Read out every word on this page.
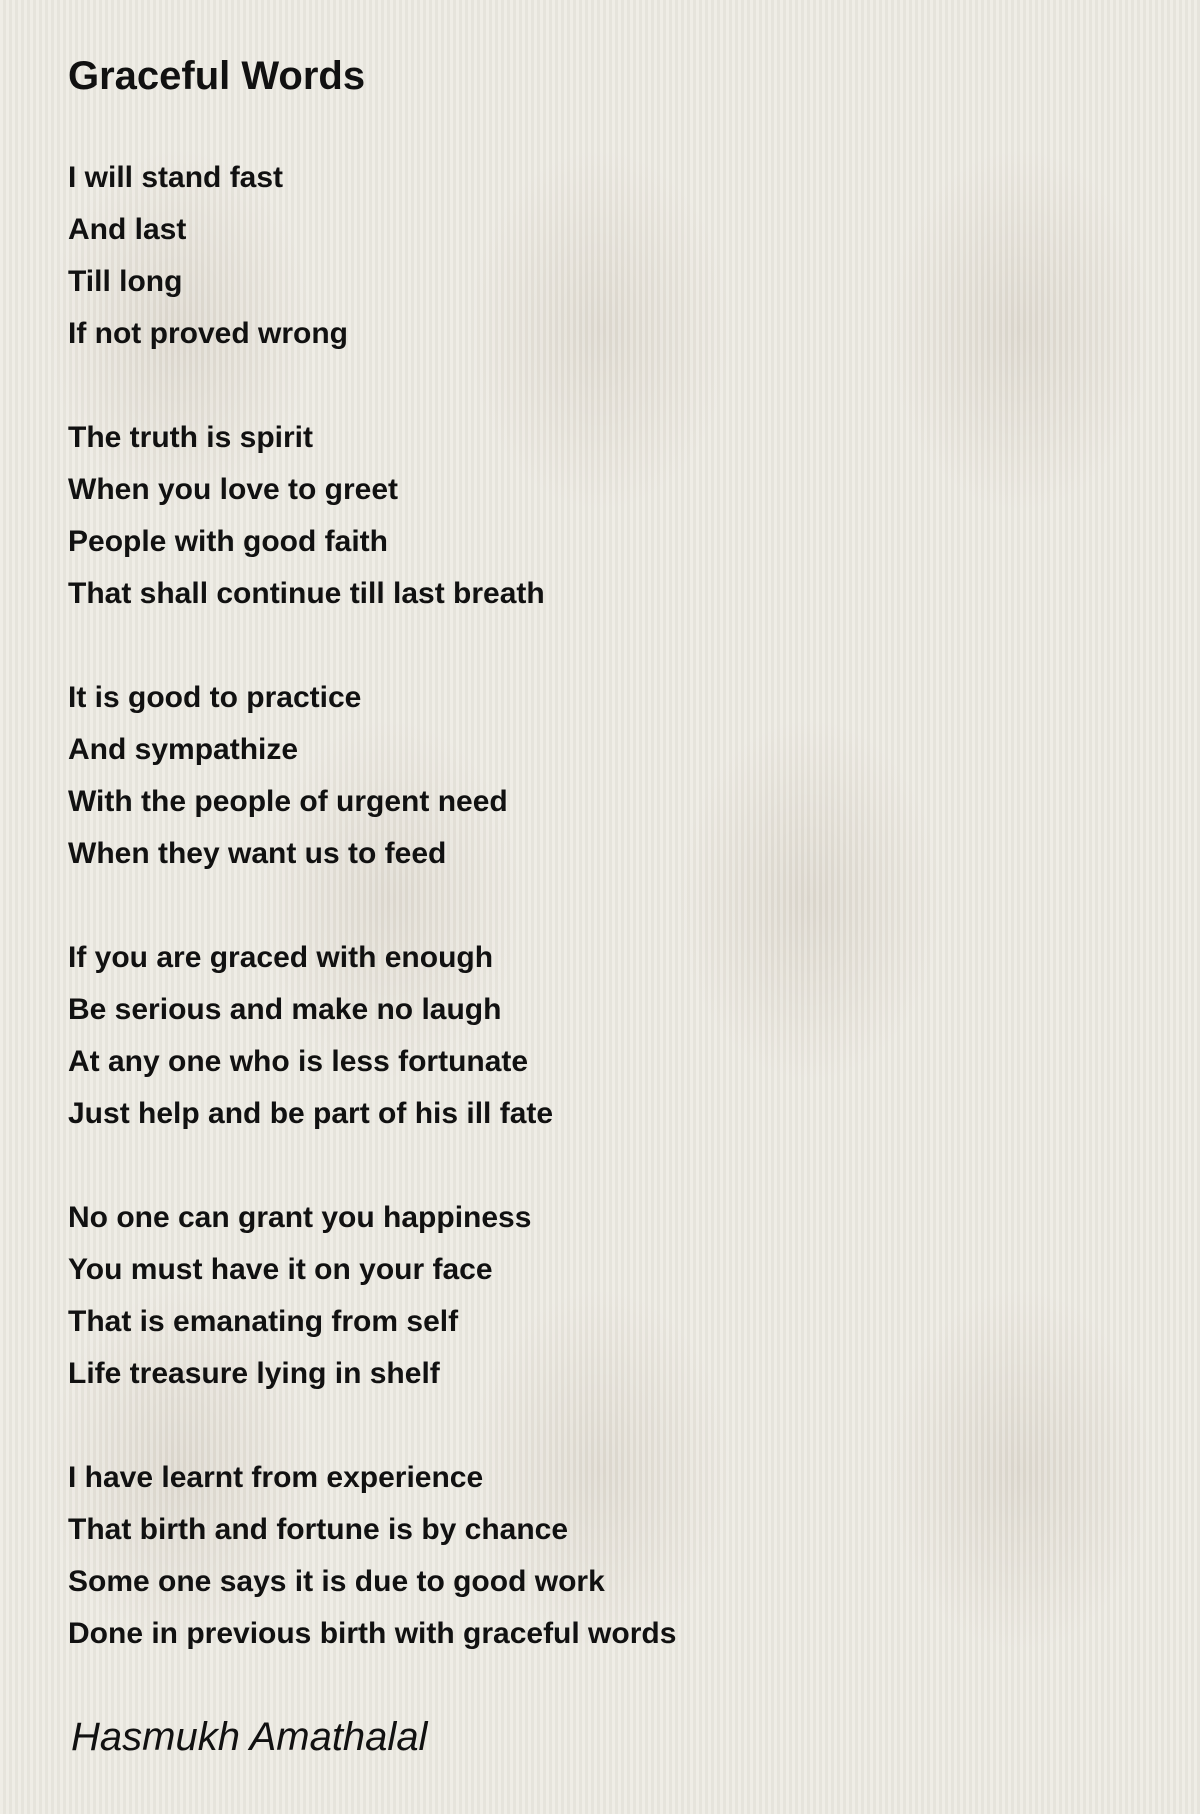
Graceful Words
I will stand fast
And last
Till long
If not proved wrong
The truth is spirit
When you love to greet
People with good faith
That shall continue till last breath
It is good to practice
And sympathize
With the people of urgent need
When they want us to feed
If you are graced with enough
Be serious and make no laugh
At any one who is less fortunate
Just help and be part of his ill fate
No one can grant you happiness
You must have it on your face
That is emanating from self
Life treasure lying in shelf
I have learnt from experience
That birth and fortune is by chance
Some one says it is due to good work
Done in previous birth with graceful words
Hasmukh Amathalal
